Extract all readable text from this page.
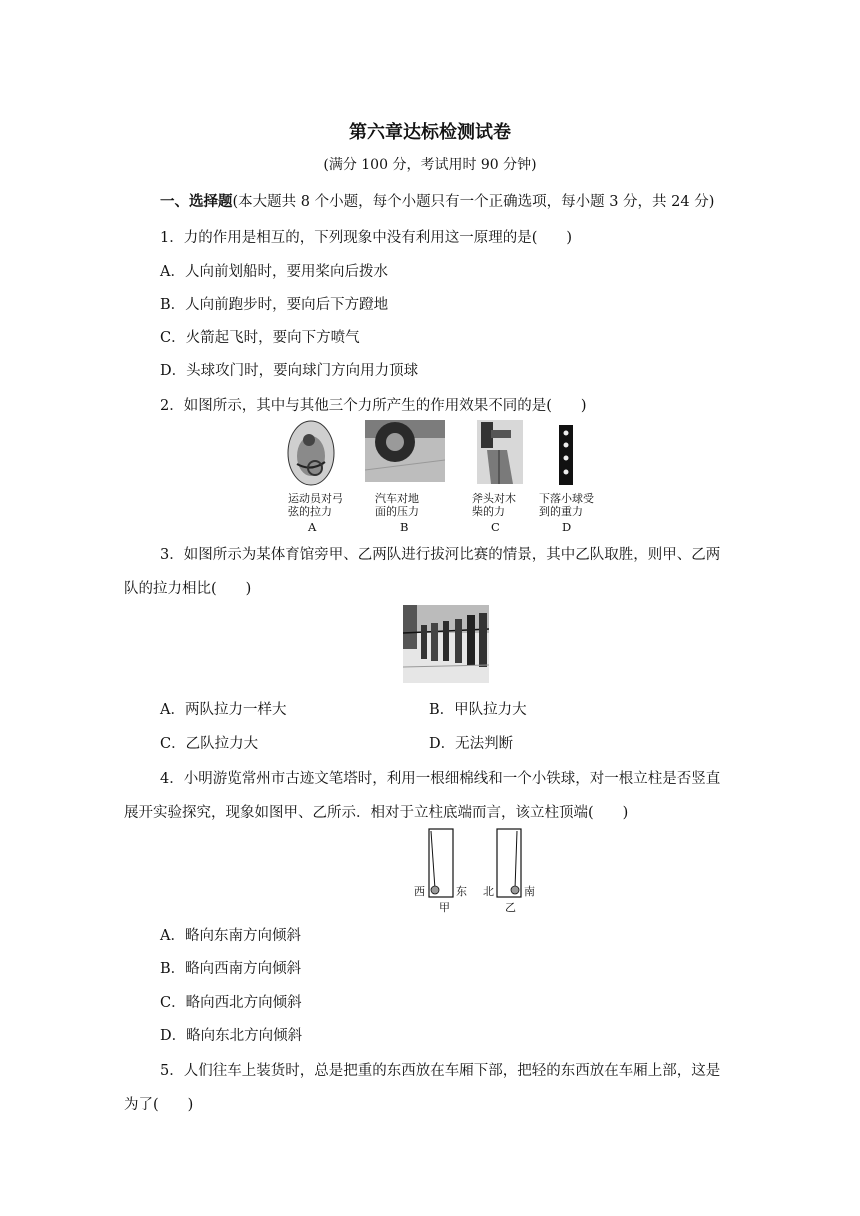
第六章达标检测试卷
(满分 100 分，考试用时 90 分钟)
一、选择题(本大题共 8 个小题，每个小题只有一个正确选项，每小题 3 分，共 24 分)
1．力的作用是相互的，下列现象中没有利用这一原理的是(　　)
A．人向前划船时，要用桨向后拨水
B．人向前跑步时，要向后下方蹬地
C．火箭起飞时，要向下方喷气
D．头球攻门时，要向球门方向用力顶球
2．如图所示，其中与其他三个力所产生的作用效果不同的是(　　)
运动员对弓
弦的拉力
A
汽车对地
面的压力
B
斧头对木
柴的力
C
下落小球受
到的重力
D
3．如图所示为某体育馆旁甲、乙两队进行拔河比赛的情景，其中乙队取胜，则甲、乙两
队的拉力相比(　　)
A．两队拉力一样大	B．甲队拉力大
C．乙队拉力大	D．无法判断
4．小明游览常州市古迹文笔塔时，利用一根细棉线和一个小铁球，对一根立柱是否竖直
展开实验探究，现象如图甲、乙所示．相对于立柱底端而言，该立柱顶端(　　)
西	东
甲
北	南
乙
A．略向东南方向倾斜
B．略向西南方向倾斜
C．略向西北方向倾斜
D．略向东北方向倾斜
5．人们往车上装货时，总是把重的东西放在车厢下部，把轻的东西放在车厢上部，这是
为了(　　)
